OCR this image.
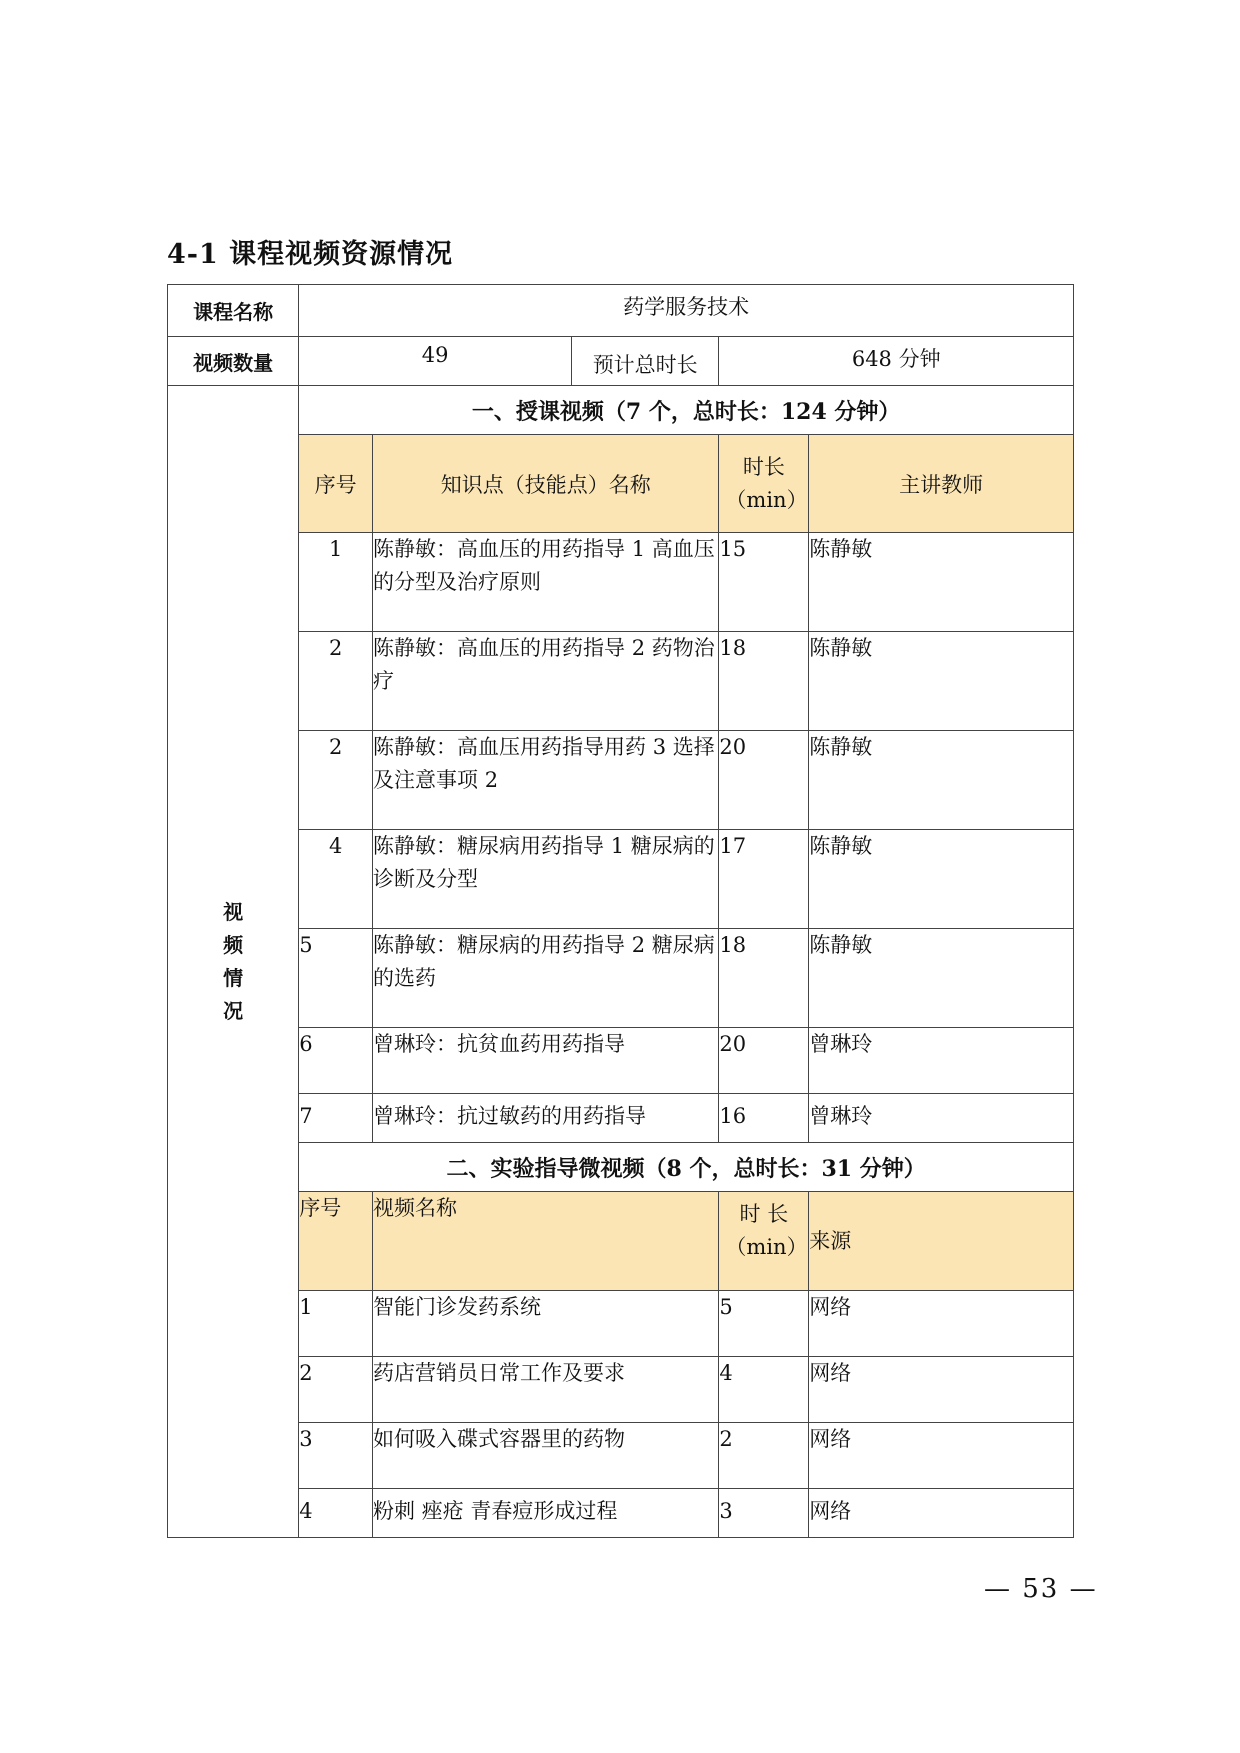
4-1 课程视频资源情况
课程名称	药学服务技术				
视频数量	49		预计总时长	648 分钟	

视
频
情
况	一、授课视频（7 个，总时长：124 分钟）				
	序号	知识点（技能点）名称		时长（min）	主讲教师
	1	陈静敏：高血压的用药指导 1 高血压的分型及治疗原则		15	陈静敏
	2	陈静敏：高血压的用药指导 2 药物治疗		18	陈静敏
	2	陈静敏：高血压用药指导用药 3 选择及注意事项 2		20	陈静敏
	4	陈静敏：糖尿病用药指导 1 糖尿病的诊断及分型		17	陈静敏
	5	陈静敏：糖尿病的用药指导 2 糖尿病的选药		18	陈静敏
	6	曾琳玲：抗贫血药用药指导		20	曾琳玲
	7	曾琳玲：抗过敏药的用药指导		16	曾琳玲
	二、实验指导微视频（8 个，总时长：31 分钟）				
	序号	视频名称		时 长（min）	来源
	1	智能门诊发药系统		5	网络
	2	药店营销员日常工作及要求		4	网络
	3	如何吸入碟式容器里的药物		2	网络
	4	粉刺 痤疮 青春痘形成过程		3	网络
— 53 —
